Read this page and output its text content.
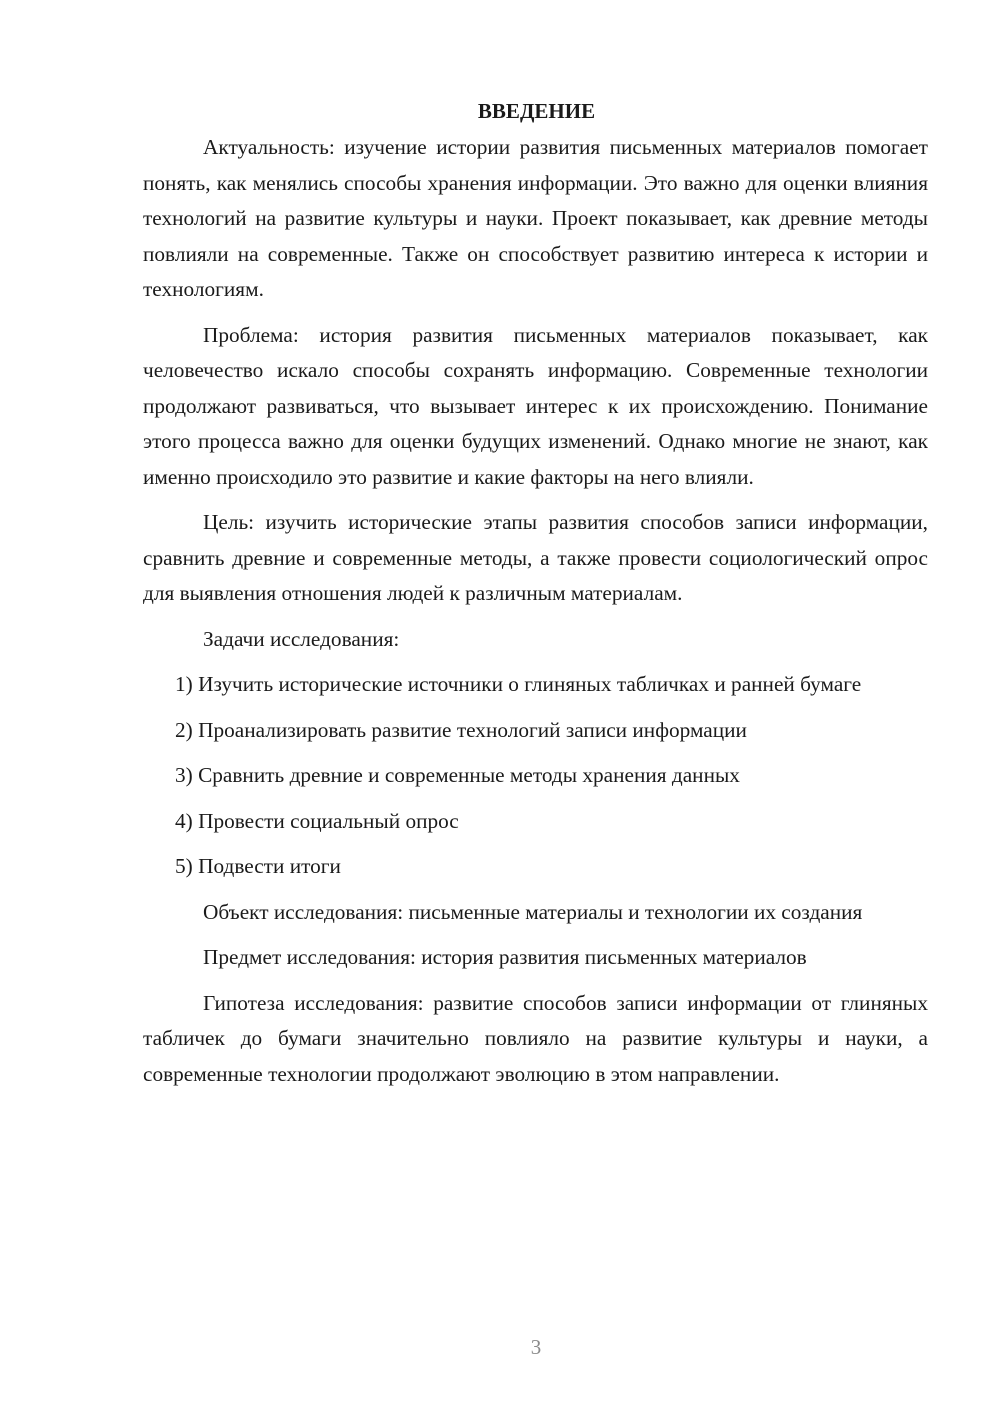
ВВЕДЕНИЕ

Актуальность: изучение истории развития письменных материалов помогает понять, как менялись способы хранения информации. Это важно для оценки влияния технологий на развитие культуры и науки. Проект показывает, как древние методы повлияли на современные. Также он способствует развитию интереса к истории и технологиям.

Проблема: история развития письменных материалов показывает, как человечество искало способы сохранять информацию. Современные технологии продолжают развиваться, что вызывает интерес к их происхождению. Понимание этого процесса важно для оценки будущих изменений. Однако многие не знают, как именно происходило это развитие и какие факторы на него влияли.

Цель: изучить исторические этапы развития способов записи информации, сравнить древние и современные методы, а также провести социологический опрос для выявления отношения людей к различным материалам.

Задачи исследования:

1) Изучить исторические источники о глиняных табличках и ранней бумаге

2) Проанализировать развитие технологий записи информации

3) Сравнить древние и современные методы хранения данных

4) Провести социальный опрос

5) Подвести итоги

Объект исследования: письменные материалы и технологии их создания

Предмет исследования: история развития письменных материалов

Гипотеза исследования: развитие способов записи информации от глиняных табличек до бумаги значительно повлияло на развитие культуры и науки, а современные технологии продолжают эволюцию в этом направлении.

3
